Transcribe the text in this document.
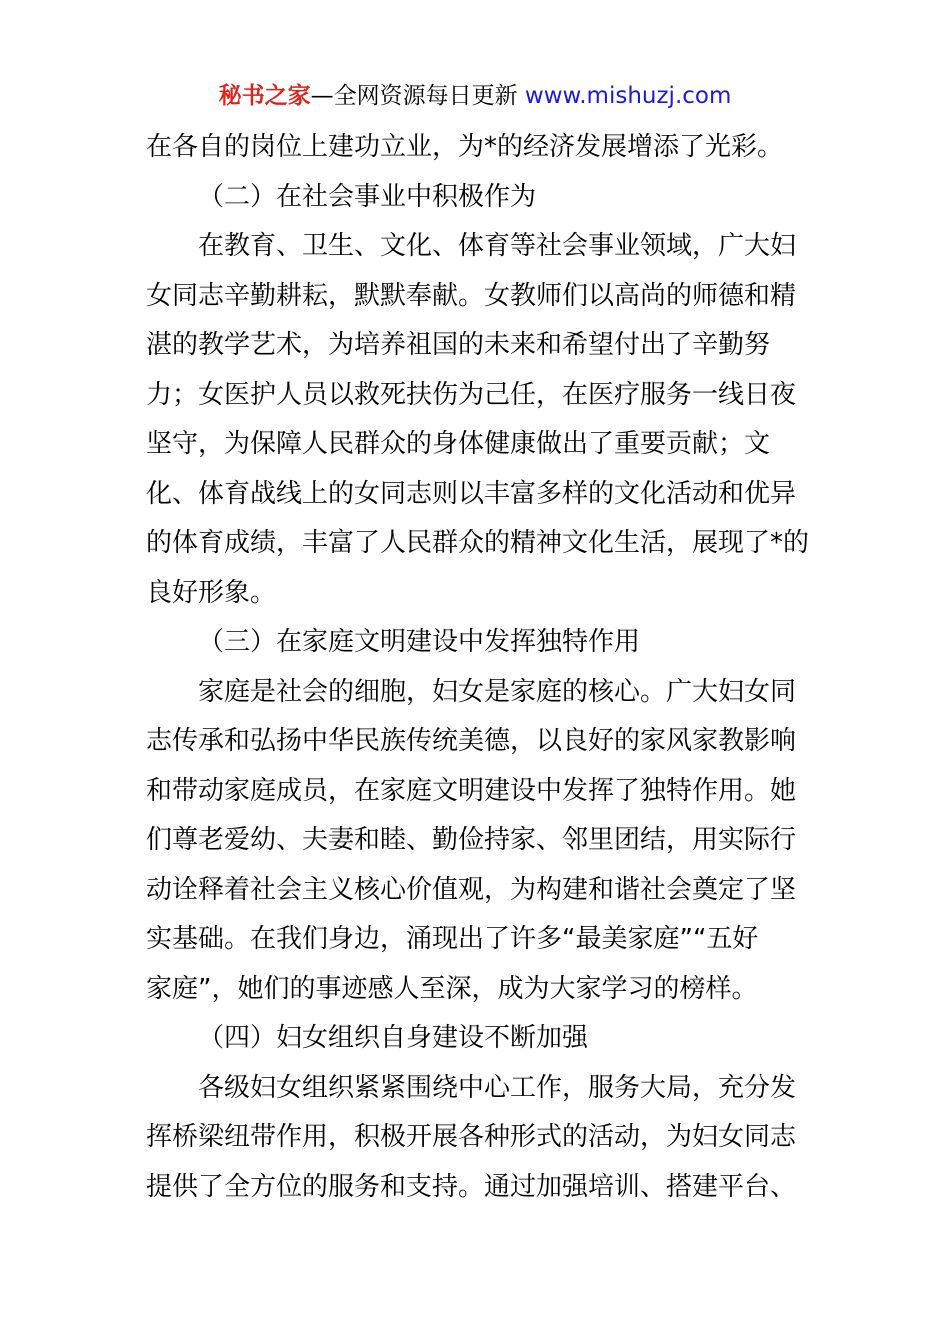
秘书之家—全网资源每日更新 www.mishuzj.com
在各自的岗位上建功立业，为*的经济发展增添了光彩。
（二）在社会事业中积极作为
在教育、卫生、文化、体育等社会事业领域，广大妇
女同志辛勤耕耘，默默奉献。女教师们以高尚的师德和精
湛的教学艺术，为培养祖国的未来和希望付出了辛勤努
力；女医护人员以救死扶伤为己任，在医疗服务一线日夜
坚守，为保障人民群众的身体健康做出了重要贡献；文
化、体育战线上的女同志则以丰富多样的文化活动和优异
的体育成绩，丰富了人民群众的精神文化生活，展现了*的
良好形象。
（三）在家庭文明建设中发挥独特作用
家庭是社会的细胞，妇女是家庭的核心。广大妇女同
志传承和弘扬中华民族传统美德，以良好的家风家教影响
和带动家庭成员，在家庭文明建设中发挥了独特作用。她
们尊老爱幼、夫妻和睦、勤俭持家、邻里团结，用实际行
动诠释着社会主义核心价值观，为构建和谐社会奠定了坚
实基础。在我们身边，涌现出了许多“最美家庭”“五好
家庭”，她们的事迹感人至深，成为大家学习的榜样。
（四）妇女组织自身建设不断加强
各级妇女组织紧紧围绕中心工作，服务大局，充分发
挥桥梁纽带作用，积极开展各种形式的活动，为妇女同志
提供了全方位的服务和支持。通过加强培训、搭建平台、
